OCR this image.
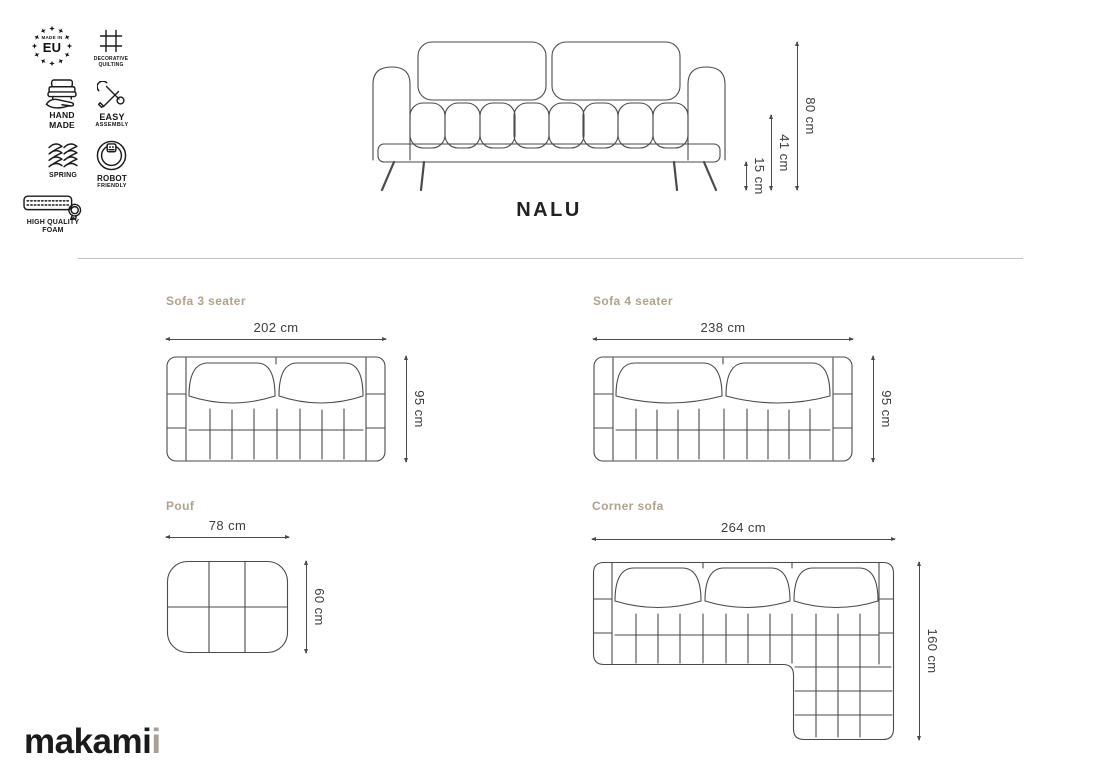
MADE IN
EU
DECORATIVE
QUILTING
HAND
MADE
EASY
ASSEMBLY
SPRING	ROBOT
FRIENDLY
HIGH QUALITY
FOAM
15 cm
41 cm
80 cm
NALU
Sofa 3 seater
202 cm
95 cm
Sofa 4 seater
238 cm
95 cm
Pouf
78 cm
60 cm
Corner sofa
264 cm
160 cm
makamii
